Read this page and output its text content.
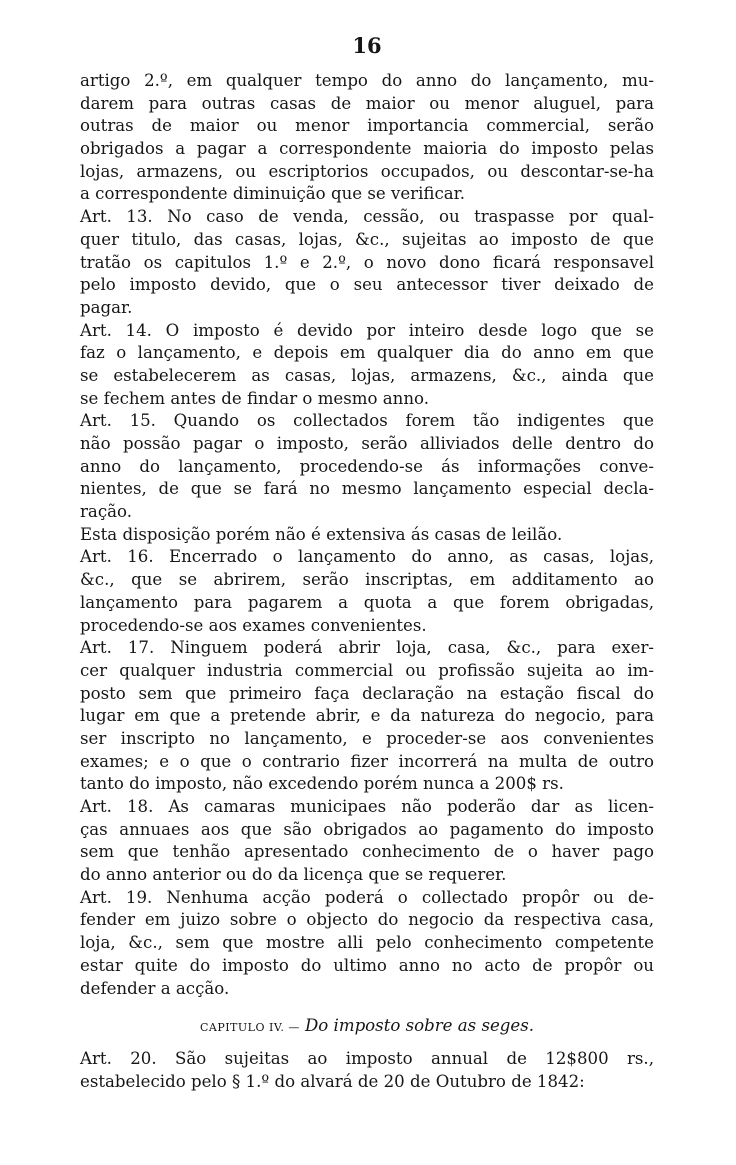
16

artigo 2.º, em qualquer tempo do anno do lançamento, mu-
darem para outras casas de maior ou menor aluguel, para
outras de maior ou menor importancia commercial, serão
obrigados a pagar a correspondente maioria do imposto pelas
lojas, armazens, ou escriptorios occupados, ou descontar-se-ha
a correspondente diminuição que se verificar.

Art. 13. No caso de venda, cessão, ou traspasse por qual-
quer titulo, das casas, lojas, &c., sujeitas ao imposto de que
tratão os capitulos 1.º e 2.º, o novo dono ficará responsavel
pelo imposto devido, que o seu antecessor tiver deixado de
pagar.

Art. 14. O imposto é devido por inteiro desde logo que se
faz o lançamento, e depois em qualquer dia do anno em que
se estabelecerem as casas, lojas, armazens, &c., ainda que
se fechem antes de findar o mesmo anno.

Art. 15. Quando os collectados forem tão indigentes que
não possão pagar o imposto, serão alliviados delle dentro do
anno do lançamento, procedendo-se ás informações conve-
nientes, de que se fará no mesmo lançamento especial decla-
ração.

Esta disposição porém não é extensiva ás casas de leilão.

Art. 16. Encerrado o lançamento do anno, as casas, lojas,
&c., que se abrirem, serão inscriptas, em additamento ao
lançamento para pagarem a quota a que forem obrigadas,
procedendo-se aos exames convenientes.

Art. 17. Ninguem poderá abrir loja, casa, &c., para exer-
cer qualquer industria commercial ou profissão sujeita ao im-
posto sem que primeiro faça declaração na estação fiscal do
lugar em que a pretende abrir, e da natureza do negocio, para
ser inscripto no lançamento, e proceder-se aos convenientes
exames; e o que o contrario fizer incorrerá na multa de outro
tanto do imposto, não excedendo porém nunca a 200$ rs.

Art. 18. As camaras municipaes não poderão dar as licen-
ças annuaes aos que são obrigados ao pagamento do imposto
sem que tenhão apresentado conhecimento de o haver pago
do anno anterior ou do da licença que se requerer.

Art. 19. Nenhuma acção poderá o collectado propôr ou de-
fender em juizo sobre o objecto do negocio da respectiva casa,
loja, &c., sem que mostre alli pelo conhecimento competente
estar quite do imposto do ultimo anno no acto de propôr ou
defender a acção.

CAPITULO IV. — Do imposto sobre as seges.

Art. 20. São sujeitas ao imposto annual de 12$800 rs.,
estabelecido pelo § 1.º do alvará de 20 de Outubro de 1842:
